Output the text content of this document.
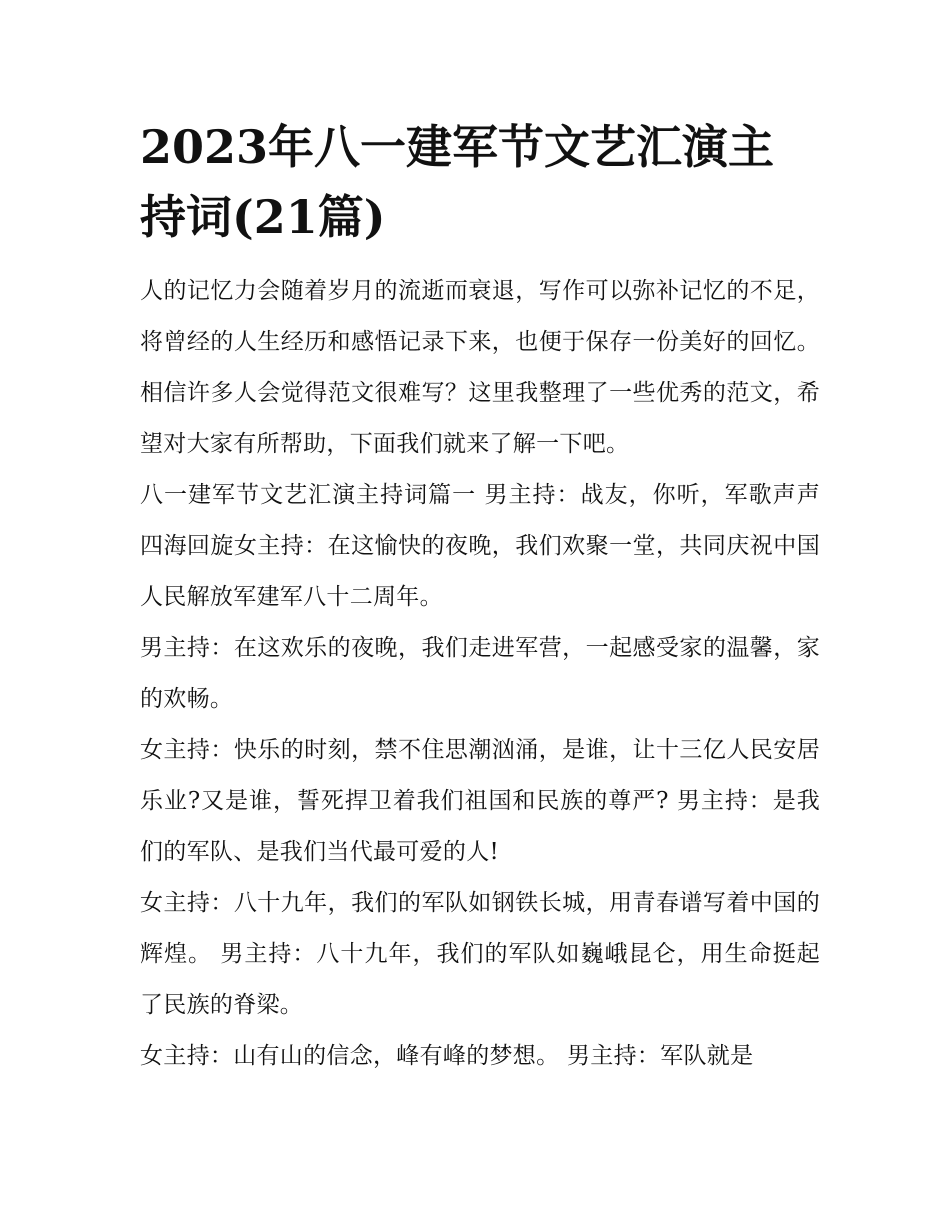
2023年八一建军节文艺汇演主持词(21篇)

人的记忆力会随着岁月的流逝而衰退，写作可以弥补记忆的不足，将曾经的人生经历和感悟记录下来，也便于保存一份美好的回忆。相信许多人会觉得范文很难写？这里我整理了一些优秀的范文，希望对大家有所帮助，下面我们就来了解一下吧。

八一建军节文艺汇演主持词篇一 男主持：战友，你听，军歌声声四海回旋女主持：在这愉快的夜晚，我们欢聚一堂，共同庆祝中国人民解放军建军八十二周年。

男主持：在这欢乐的夜晚，我们走进军营，一起感受家的温馨，家的欢畅。

女主持：快乐的时刻，禁不住思潮汹涌，是谁，让十三亿人民安居乐业?又是谁，誓死捍卫着我们祖国和民族的尊严? 男主持：是我们的军队、是我们当代最可爱的人!

女主持：八十九年，我们的军队如钢铁长城，用青春谱写着中国的辉煌。 男主持：八十九年，我们的军队如巍峨昆仑，用生命挺起了民族的脊梁。

女主持：山有山的信念，峰有峰的梦想。 男主持：军队就是
